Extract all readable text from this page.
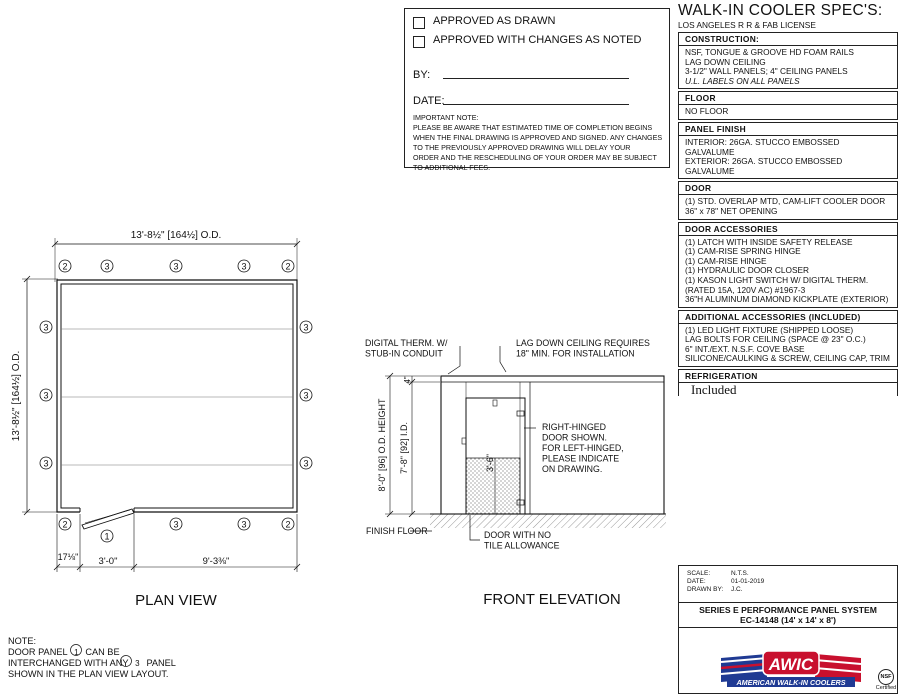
APPROVED AS DRAWN
APPROVED WITH CHANGES AS NOTED
BY:
DATE:
IMPORTANT NOTE:
PLEASE BE AWARE THAT ESTIMATED TIME OF COMPLETION BEGINS
WHEN THE FINAL DRAWING IS APPROVED AND SIGNED. ANY CHANGES
TO THE PREVIOUSLY APPROVED DRAWING WILL DELAY YOUR
ORDER AND THE RESCHEDULING OF YOUR ORDER MAY BE SUBJECT
TO ADDITIONAL FEES.
WALK-IN COOLER SPEC'S:
LOS ANGELES R R & FAB LICENSE
CONSTRUCTION:
NSF, TONGUE & GROOVE HD FOAM RAILS
LAG DOWN CEILING
3-1/2" WALL PANELS; 4" CEILING PANELS
U.L. LABELS ON ALL PANELS
FLOOR
NO FLOOR
PANEL FINISH
INTERIOR: 26GA. STUCCO EMBOSSED GALVALUME
EXTERIOR: 26GA. STUCCO EMBOSSED GALVALUME
DOOR
(1) STD. OVERLAP MTD, CAM-LIFT COOLER DOOR
36" x 78" NET OPENING
DOOR ACCESSORIES
(1) LATCH WITH INSIDE SAFETY RELEASE
(1) CAM-RISE SPRING HINGE
(1) CAM-RISE HINGE
(1) HYDRAULIC DOOR CLOSER
(1) KASON LIGHT SWITCH W/ DIGITAL THERM.
(RATED 15A, 120V AC) #1967-3
36"H ALUMINUM DIAMOND KICKPLATE (EXTERIOR)
ADDITIONAL ACCESSORIES (INCLUDED)
(1) LED LIGHT FIXTURE (SHIPPED LOOSE)
LAG BOLTS FOR CEILING (SPACE @ 23" O.C.)
6" INT./EXT. N.S.F. COVE BASE
SILICONE/CAULKING & SCREW, CEILING CAP, TRIM
REFRIGERATION
Included
13'-8½" [164½] O.D.
13'-8½" [164½] O.D.
2	3	3	3	2
3
3
3
3
3
3
2
1
3	3	2
17⅛" 3'-0"	9'-3⅜"
PLAN VIEW
DIGITAL THERM. W/ STUB-IN CONDUIT
LAG DOWN CEILING REQUIRES 18" MIN. FOR INSTALLATION
8'-0" [96] O.D. HEIGHT 7'-8" [92] I.D.
4"
3'-6"
RIGHT-HINGED DOOR SHOWN. FOR LEFT-HINGED, PLEASE INDICATE ON DRAWING.
FINISH FLOOR	DOOR WITH NO TILE ALLOWANCE
FRONT ELEVATION
SCALE:	N.T.S.
DATE:	01-01-2019
DRAWN BY: J.C.
SERIES E PERFORMANCE PANEL SYSTEM
EC-14148 (14' x 14' x 8')
AWIC
AMERICAN WALK-IN COOLERS
NSF
Certified
NOTE:
DOOR PANEL 1 CAN BE
INTERCHANGED WITH ANY 3 PANEL
SHOWN IN THE PLAN VIEW LAYOUT.
